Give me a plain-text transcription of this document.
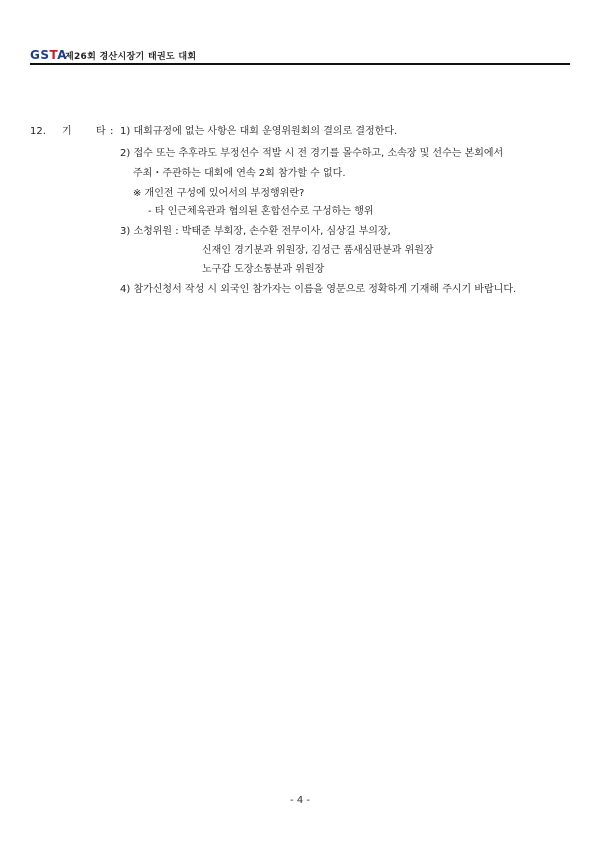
GSTA
제26회 경산시장기 태권도 대회
12. 기 타 : 1) 대회규정에 없는 사항은 대회 운영위원회의 결의로 결정한다.
2) 접수 또는 추후라도 부정선수 적발 시 전 경기를 몰수하고, 소속장 및 선수는 본회에서
주최・주관하는 대회에 연속 2회 참가할 수 없다.
※ 개인전 구성에 있어서의 부정행위란?
- 타 인근체육관과 협의된 혼합선수로 구성하는 행위
3) 소청위원 : 박태준 부회장, 손수환 전무이사, 심상길 부의장,
신재인 경기분과 위원장, 김성근 품새심판분과 위원장
노구갑 도장소통분과 위원장
4) 참가신청서 작성 시 외국인 참가자는 이름을 영문으로 정확하게 기재해 주시기 바랍니다.
- 4 -
